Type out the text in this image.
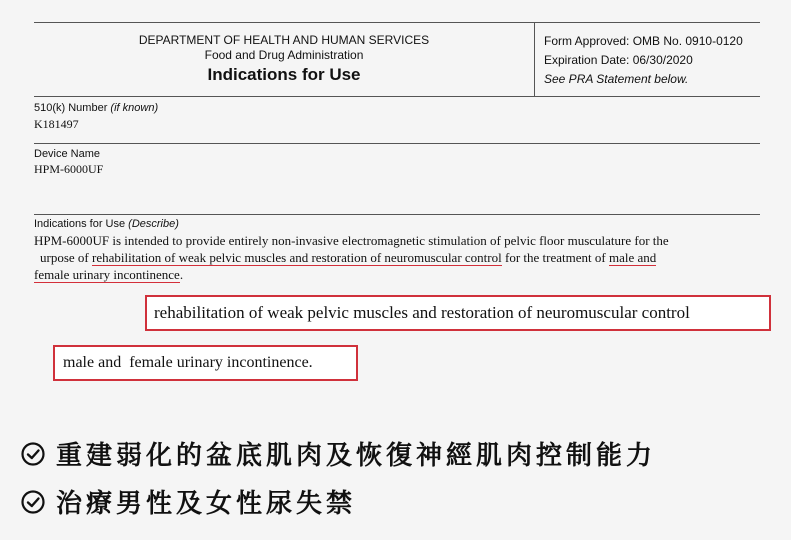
DEPARTMENT OF HEALTH AND HUMAN SERVICES
Food and Drug Administration
Indications for Use
Form Approved: OMB No. 0910-0120
Expiration Date: 06/30/2020
See PRA Statement below.
510(k) Number (if known)
K181497
Device Name
HPM-6000UF
Indications for Use (Describe)
HPM-6000UF is intended to provide entirely non-invasive electromagnetic stimulation of pelvic floor musculature for the
urpose of rehabilitation of weak pelvic muscles and restoration of neuromuscular control for the treatment of male and
female urinary incontinence.
rehabilitation of weak pelvic muscles and restoration of neuromuscular control
male and  female urinary incontinence.
重建弱化的盆底肌肉及恢復神經肌肉控制能力
治療男性及女性尿失禁
